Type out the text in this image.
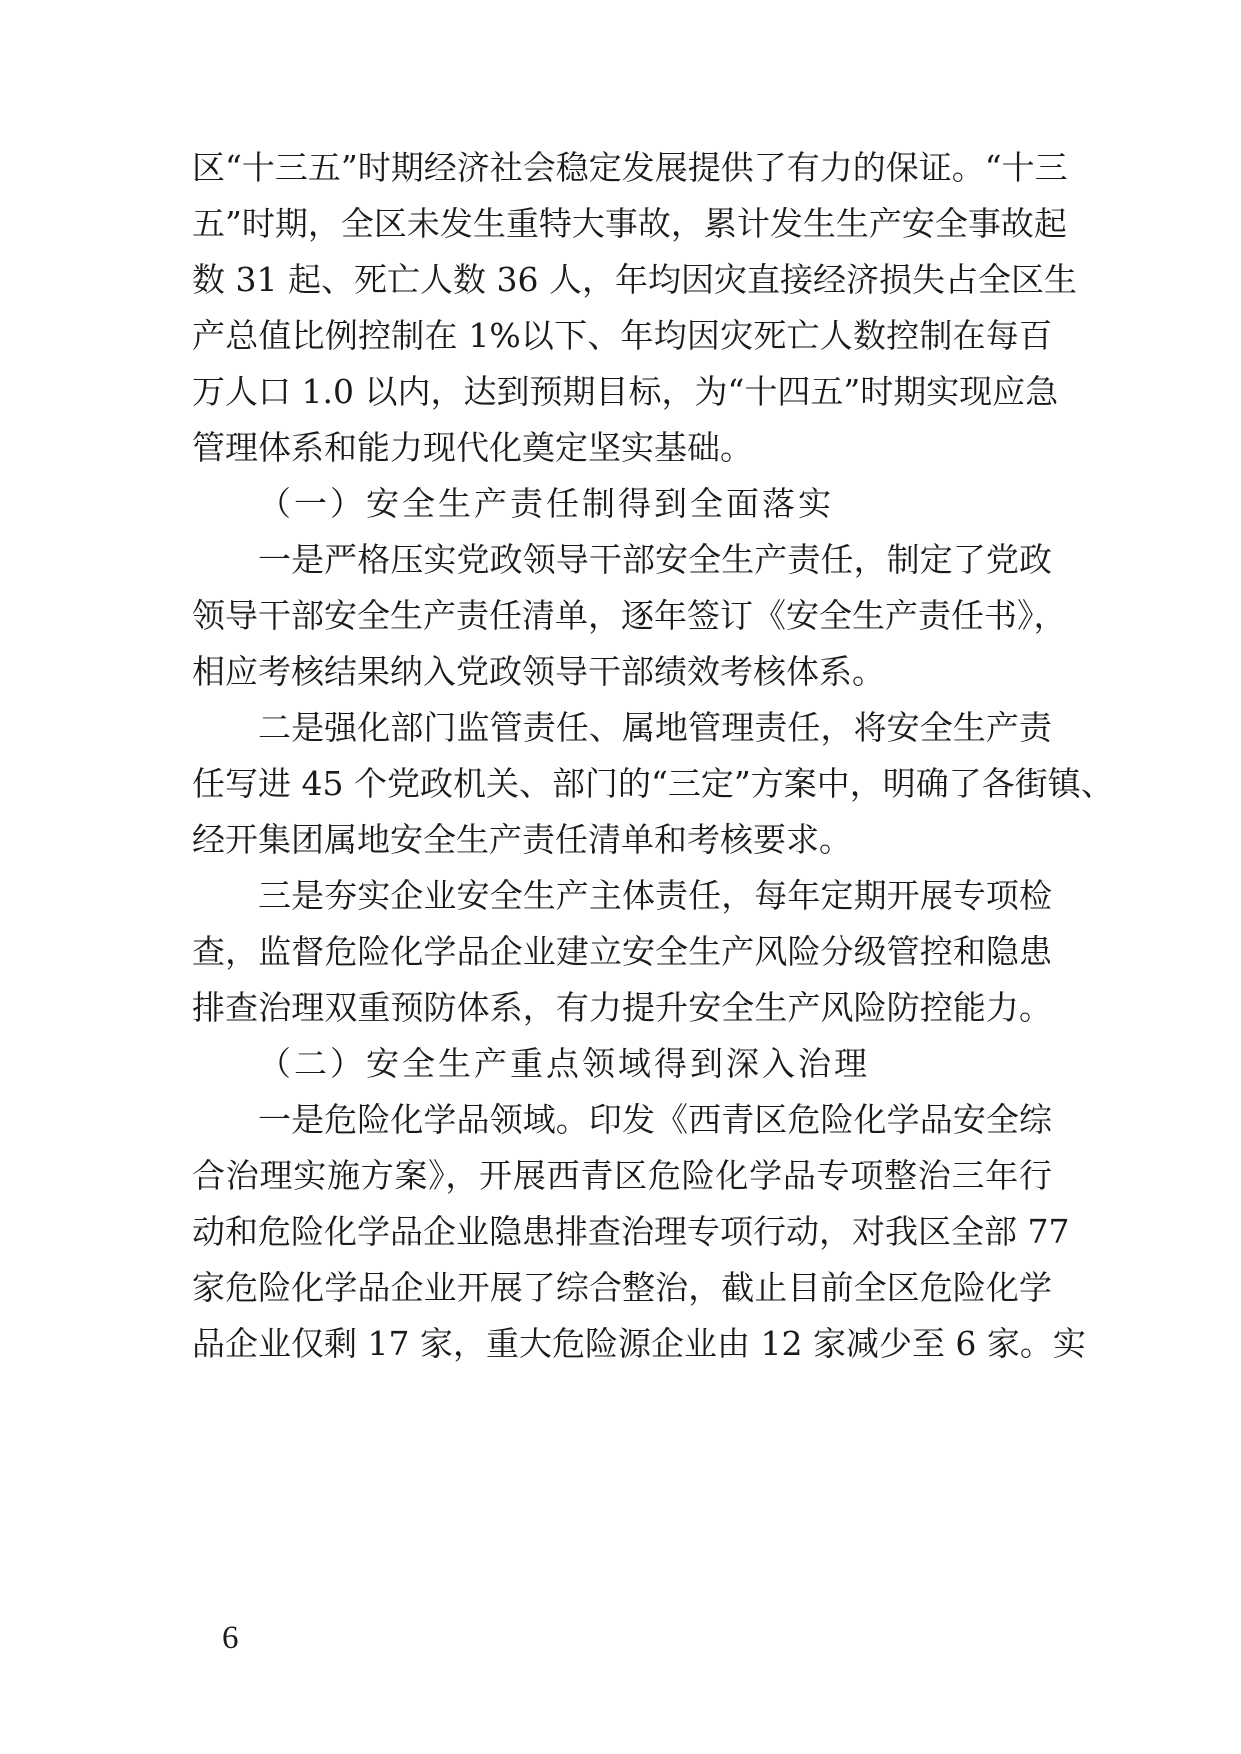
区“十三五”时期经济社会稳定发展提供了有力的保证。“十三
五”时期，全区未发生重特大事故，累计发生生产安全事故起
数 31 起、死亡人数 36 人，年均因灾直接经济损失占全区生
产总值比例控制在 1%以下、年均因灾死亡人数控制在每百
万人口 1.0 以内，达到预期目标，为“十四五”时期实现应急
管理体系和能力现代化奠定坚实基础。
（一）安全生产责任制得到全面落实
一是严格压实党政领导干部安全生产责任，制定了党政
领导干部安全生产责任清单，逐年签订《安全生产责任书》，
相应考核结果纳入党政领导干部绩效考核体系。
二是强化部门监管责任、属地管理责任，将安全生产责
任写进 45 个党政机关、部门的“三定”方案中，明确了各街镇、
经开集团属地安全生产责任清单和考核要求。
三是夯实企业安全生产主体责任，每年定期开展专项检
查，监督危险化学品企业建立安全生产风险分级管控和隐患
排查治理双重预防体系，有力提升安全生产风险防控能力。
（二）安全生产重点领域得到深入治理
一是危险化学品领域。印发《西青区危险化学品安全综
合治理实施方案》，开展西青区危险化学品专项整治三年行
动和危险化学品企业隐患排查治理专项行动，对我区全部 77
家危险化学品企业开展了综合整治，截止目前全区危险化学
品企业仅剩 17 家，重大危险源企业由 12 家减少至 6 家。实
6
